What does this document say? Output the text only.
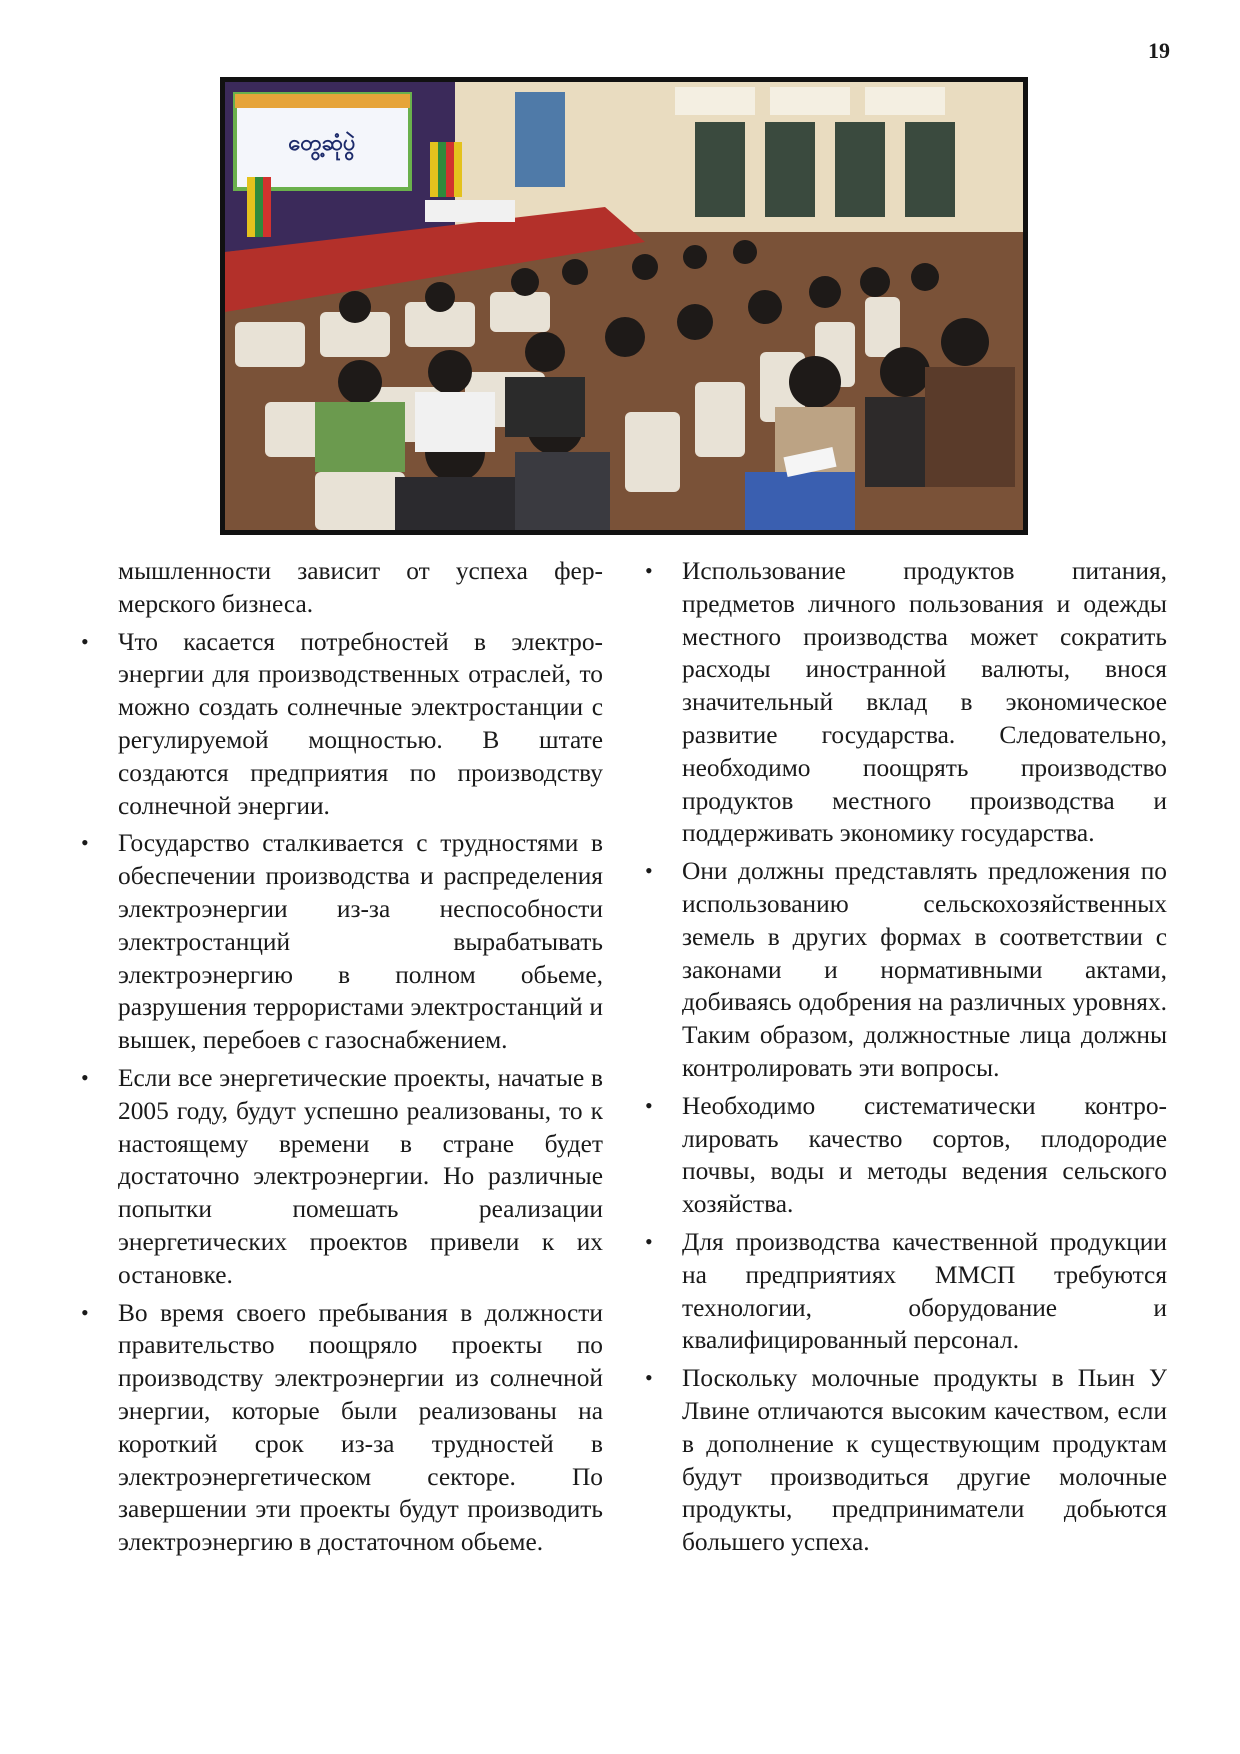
19
တွေ့ဆုံပွဲ

мышленности зависит от успеха фермерского бизнеса.

• Что касается потребностей в электроэнергии для производственных отраслей, то можно создать солнечные электростанции с регулируемой мощностью. В штате создаются предприятия по производству солнечной энергии.
• Государство сталкивается с трудностями в обеспечении производства и распределения электроэнергии из-за неспособности электростанций вырабатывать электроэнергию в полном обьеме, разрушения террористами электростанций и вышек, перебоев с газоснабжением.
• Если все энергетические проекты, начатые в 2005 году, будут успешно реализованы, то к настоящему времени в стране будет достаточно электроэнергии. Но различные попытки помешать реализации энергетических проектов привели к их остановке.
• Во время своего пребывания в должности правительство поощряло проекты по производству электроэнергии из солнечной энергии, которые были реализованы на короткий срок из-за трудностей в электроэнергетическом секторе. По завершении эти проекты будут производить электроэнергию в достаточном обьеме.
• Использование продуктов питания, предметов личного пользования и одежды местного производства может сократить расходы иностранной валюты, внося значительный вклад в экономическое развитие государства. Следовательно, необходимо поощрять производство продуктов местного производства и поддерживать экономику государства.
• Они должны представлять предложения по использованию сельскохозяйственных земель в других формах в соответствии с законами и нормативными актами, добиваясь одобрения на различных уровнях. Таким образом, должностные лица должны контролировать эти вопросы.
• Необходимо систематически контролировать качество сортов, плодородие почвы, воды и методы ведения сельского хозяйства.
• Для производства качественной продукции на предприятиях ММСП требуются технологии, оборудование и квалифицированный персонал.
• Поскольку молочные продукты в Пьин У Лвине отличаются высоким качеством, если в дополнение к существующим продуктам будут производиться другие молочные продукты, предприниматели добьются большего успеха.
